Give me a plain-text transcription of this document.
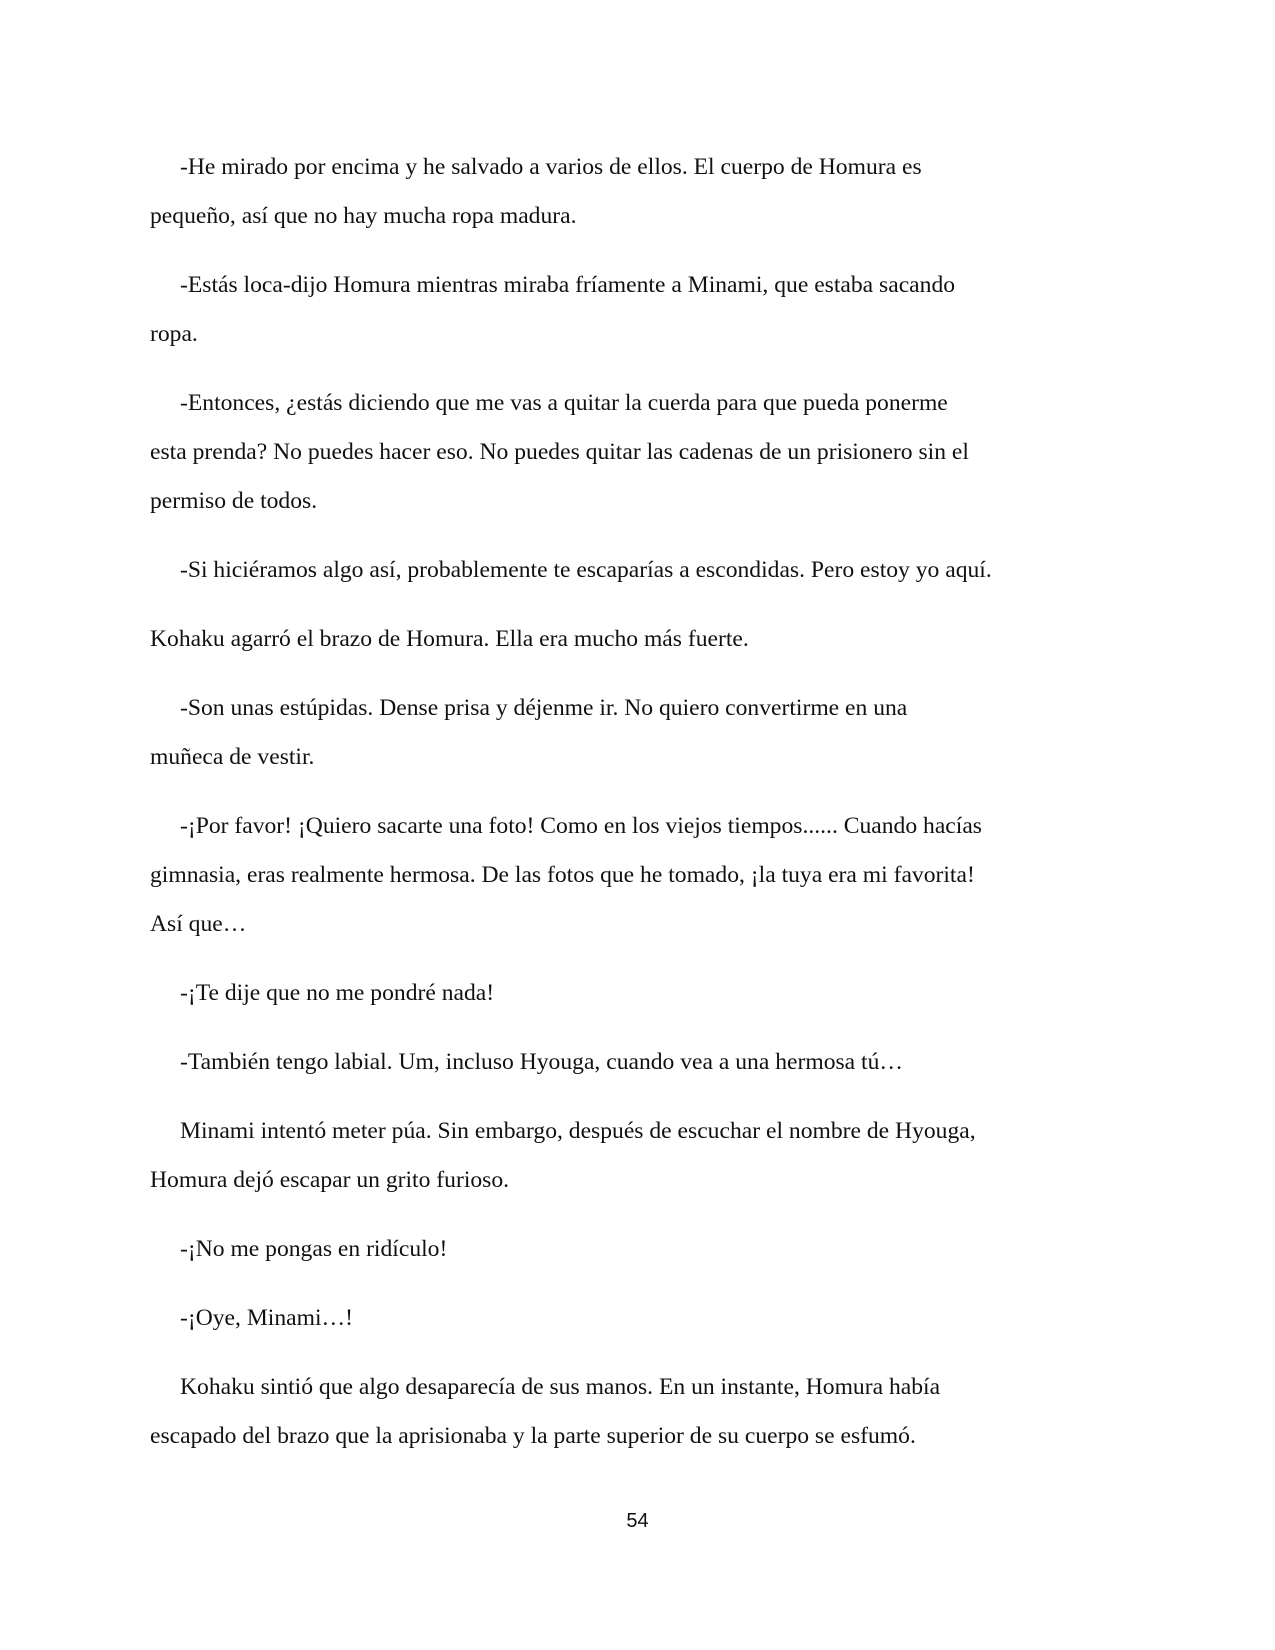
-He mirado por encima y he salvado a varios de ellos. El cuerpo de Homura es
pequeño, así que no hay mucha ropa madura.

-Estás loca-dijo Homura mientras miraba fríamente a Minami, que estaba sacando
ropa.

-Entonces, ¿estás diciendo que me vas a quitar la cuerda para que pueda ponerme
esta prenda? No puedes hacer eso. No puedes quitar las cadenas de un prisionero sin el
permiso de todos.

-Si hiciéramos algo así, probablemente te escaparías a escondidas. Pero estoy yo aquí.

Kohaku agarró el brazo de Homura. Ella era mucho más fuerte.

-Son unas estúpidas. Dense prisa y déjenme ir. No quiero convertirme en una
muñeca de vestir.

-¡Por favor! ¡Quiero sacarte una foto! Como en los viejos tiempos...... Cuando hacías
gimnasia, eras realmente hermosa. De las fotos que he tomado, ¡la tuya era mi favorita!
Así que…

-¡Te dije que no me pondré nada!

-También tengo labial. Um, incluso Hyouga, cuando vea a una hermosa tú…

Minami intentó meter púa. Sin embargo, después de escuchar el nombre de Hyouga,
Homura dejó escapar un grito furioso.

-¡No me pongas en ridículo!

-¡Oye, Minami…!

Kohaku sintió que algo desaparecía de sus manos. En un instante, Homura había
escapado del brazo que la aprisionaba y la parte superior de su cuerpo se esfumó.

54
